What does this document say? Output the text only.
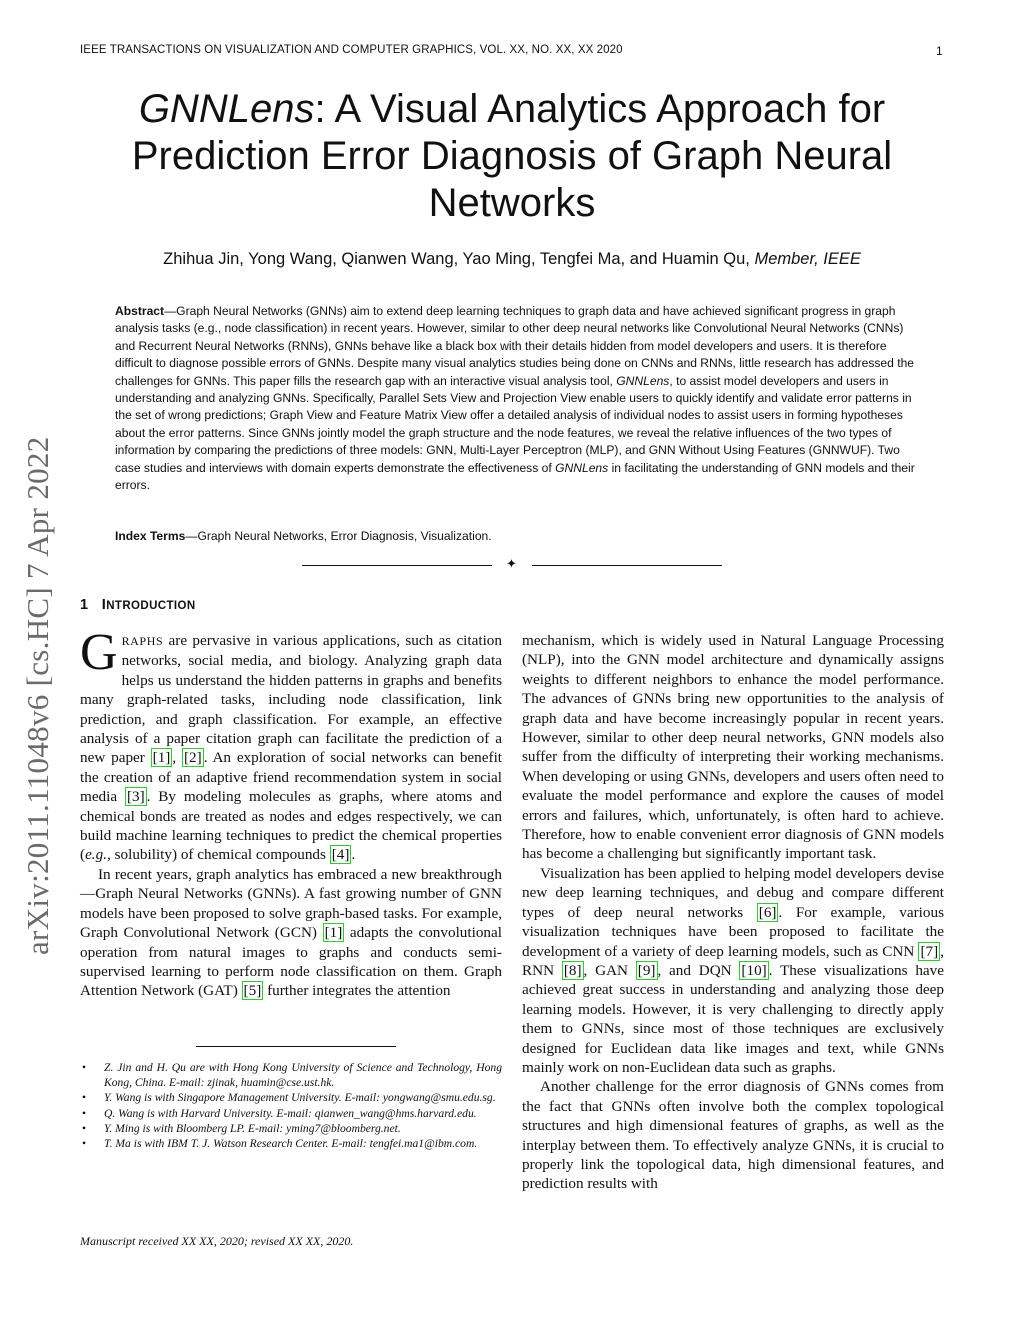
IEEE TRANSACTIONS ON VISUALIZATION AND COMPUTER GRAPHICS, VOL. XX, NO. XX, XX 2020	1
arXiv:2011.11048v6 [cs.HC] 7 Apr 2022
GNNLens: A Visual Analytics Approach for
Prediction Error Diagnosis of Graph Neural
Networks
Zhihua Jin, Yong Wang, Qianwen Wang, Yao Ming, Tengfei Ma, and Huamin Qu, Member, IEEE

Abstract—Graph Neural Networks (GNNs) aim to extend deep learning techniques to graph data and have achieved significant progress in graph analysis tasks (e.g., node classification) in recent years. However, similar to other deep neural networks like Convolutional Neural Networks (CNNs) and Recurrent Neural Networks (RNNs), GNNs behave like a black box with their details hidden from model developers and users. It is therefore difficult to diagnose possible errors of GNNs. Despite many visual analytics studies being done on CNNs and RNNs, little research has addressed the challenges for GNNs. This paper fills the research gap with an interactive visual analysis tool, GNNLens, to assist model developers and users in understanding and analyzing GNNs. Specifically, Parallel Sets View and Projection View enable users to quickly identify and validate error patterns in the set of wrong predictions; Graph View and Feature Matrix View offer a detailed analysis of individual nodes to assist users in forming hypotheses about the error patterns. Since GNNs jointly model the graph structure and the node features, we reveal the relative influences of the two types of information by comparing the predictions of three models: GNN, Multi-Layer Perceptron (MLP), and GNN Without Using Features (GNNWUF). Two case studies and interviews with domain experts demonstrate the effectiveness of GNNLens in facilitating the understanding of GNN models and their errors.

Index Terms—Graph Neural Networks, Error Diagnosis, Visualization.
✦
1 INTRODUCTION

GRAPHS are pervasive in various applications, such as citation networks, social media, and biology. Analyzing graph data helps us understand the hidden patterns in graphs and benefits many graph-related tasks, including node classification, link prediction, and graph classification. For example, an effective analysis of a paper citation graph can facilitate the prediction of a new paper [1] , [2] . An exploration of social networks can benefit the creation of an adaptive friend recommendation system in social media [3] . By modeling molecules as graphs, where atoms and chemical bonds are treated as nodes and edges respectively, we can build machine learning techniques to predict the chemical properties (e.g., solubility) of chemical compounds [4] .

In recent years, graph analytics has embraced a new breakthrough—Graph Neural Networks (GNNs). A fast growing number of GNN models have been proposed to solve graph-based tasks. For example, Graph Convolutional Network (GCN) [1] adapts the convolutional operation from natural images to graphs and conducts semi-supervised learning to perform node classification on them. Graph Attention Network (GAT) [5] further integrates the attention

• Z. Jin and H. Qu are with Hong Kong University of Science and Technology, Hong Kong, China. E-mail: zjinak, huamin@cse.ust.hk.
• Y. Wang is with Singapore Management University. E-mail: yongwang@smu.edu.sg.
• Q. Wang is with Harvard University. E-mail: qianwen_wang@hms.harvard.edu.
• Y. Ming is with Bloomberg LP. E-mail: yming7@bloomberg.net.
• T. Ma is with IBM T. J. Watson Research Center. E-mail: tengfei.ma1@ibm.com.
Manuscript received XX XX, 2020; revised XX XX, 2020.

mechanism, which is widely used in Natural Language Processing (NLP), into the GNN model architecture and dynamically assigns weights to different neighbors to enhance the model performance. The advances of GNNs bring new opportunities to the analysis of graph data and have become increasingly popular in recent years. However, similar to other deep neural networks, GNN models also suffer from the difficulty of interpreting their working mechanisms. When developing or using GNNs, developers and users often need to evaluate the model performance and explore the causes of model errors and failures, which, unfortunately, is often hard to achieve. Therefore, how to enable convenient error diagnosis of GNN models has become a challenging but significantly important task.

Visualization has been applied to helping model developers devise new deep learning techniques, and debug and compare different types of deep neural networks [6] . For example, various visualization techniques have been proposed to facilitate the development of a variety of deep learning models, such as CNN [7] , RNN [8] , GAN [9] , and DQN [10] . These visualizations have achieved great success in understanding and analyzing those deep learning models. However, it is very challenging to directly apply them to GNNs, since most of those techniques are exclusively designed for Euclidean data like images and text, while GNNs mainly work on non-Euclidean data such as graphs.

Another challenge for the error diagnosis of GNNs comes from the fact that GNNs often involve both the complex topological structures and high dimensional features of graphs, as well as the interplay between them. To effectively analyze GNNs, it is crucial to properly link the topological data, high dimensional features, and prediction results with
